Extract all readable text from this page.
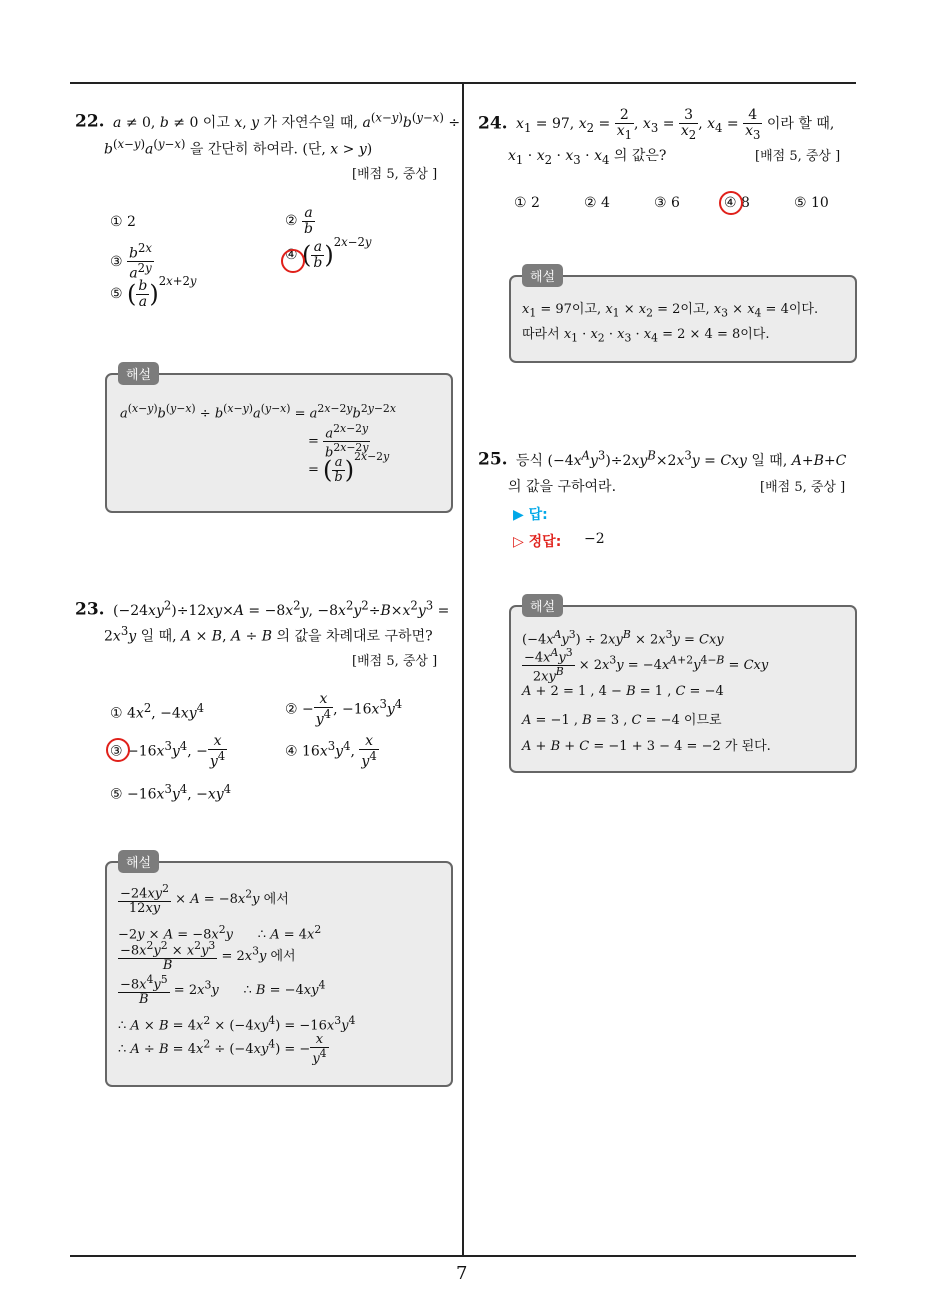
7
22. a ≠ 0, b ≠ 0 이고 x, y 가 자연수일 때, $a^{(x-y)}b^{(y-x)}$ ÷
$b^{(x-y)}a^{(y-x)}$ 을 간단히 하여라. (단, x > y)
[배점 5, 중상 ]
① 2	② $\frac{a}{b}$
③ $\frac{b^{2x}}{a^{2y}}$	④ ( $\frac{a}{b} )^{2x-2y}$
⑤ ( $\frac{b}{a} )^{2x+2y}$
해설
$a^{(x-y)}b^{(y-x)} \div b^{(x-y)}a^{(y-x)} = a^{2x-2y}b^{2y-2x}$
= $\frac{a^{2x-2y}}{b^{2x-2y}}$
= ( $\frac{a}{b} )^{2x-2y}$
23. $(-24xy^2)\div 12xy\times A = -8x^2y$, $-8x^2y^2\div B\times x^2y^3$ =
$2x^3y$ 일 때, A × B, A ÷ B 의 값을 차례대로 구하면?
[배점 5, 중상 ]
① $4x^2$, $-4xy^4$	② − $\frac{x}{y^4}$ , $-16x^3y^4$
③ $-16x^3y^4$, − $\frac{x}{y^4}$	④ $16x^3y^4$, $\frac{x}{y^4}$
⑤ $-16x^3y^4$, $-xy^4$
해설
$\frac{-24xy^2}{12xy} \times A = -8x^2y$ 에서
$-2y \times A = -8x^2y$      ∴ $A = 4x^2$
$\frac{-8x^2y^2 \times x^2y^3}{B} = 2x^3y$ 에서
$\frac{-8x^4y^5}{B} = 2x^3y$      ∴ $B = -4xy^4$
∴ $A \times B = 4x^2 \times (-4xy^4) = -16x^3y^4$
∴ $A \div B = 4x^2 \div (-4xy^4)$ = − $\frac{x}{y^4}$
24. $x_1 = 97$, $x_2 = \frac{2}{x_1}$ , $x_3 = \frac{3}{x_2}$ , $x_4 = \frac{4}{x_3}$ 이라 할 때,
$x_1 \cdot x_2 \cdot x_3 \cdot x_4$ 의 값은?	[배점 5, 중상 ]
① 2	② 4	③ 6	④ 8	⑤ 10
해설
$x_1 = 97$이고, $x_1 \times x_2 = 2$이고, $x_3 \times x_4 = 4$이다.
따라서 $x_1 \cdot x_2 \cdot x_3 \cdot x_4 = 2 \times 4 = 8$이다.
25. 등식 $(-4x^Ay^3)\div 2xy^B\times 2x^3y$ = Cxy 일 때, A+B+C
의 값을 구하여라.	[배점 5, 중상 ]
▶ 답:
▷ 정답: −2
해설
$(-4x^Ay^3) \div 2xy^B \times 2x^3y$ = Cxy
$\frac{-4x^Ay^3}{2xy^B} \times 2x^3y = -4x^{A+2}y^{4-B}$ = Cxy
A + 2 = 1 , 4 − B = 1 , C = −4
A = −1 , B = 3 , C = −4 이므로
A + B + C = −1 + 3 − 4 = −2 가 된다.
